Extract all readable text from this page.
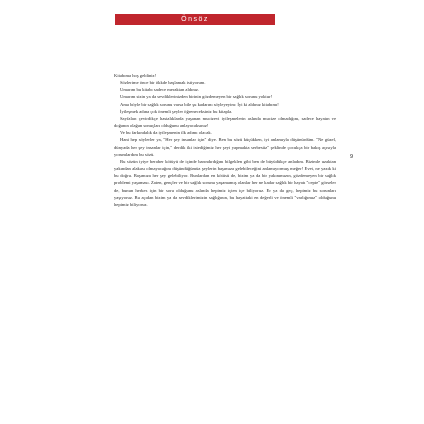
Önsöz
9

Kitabıma hoş geldiniz!

Sözlerime önce bir ökkde başlamak istiyorum.

Umarım bu kitabı sadece meraktan aldınız.

Umarım sizin ya da sevdiklerinizden birinin gözdemeyen bir sağlık sorunu yoktur!

Ama böyle bir sağlık sorunu varsa bile şu kadarını söyleyeyim: İyi ki aldınız kitabımı!

İyileşmek adına çok önemli şeyler öğreneceksiniz bu kitapla.

Sayfaları çevirdikçe hastalıklarda yaşanan mucizevi iyileşmelerin aslında mucize olmadığını, sadece hayatın ve doğanın olağan sonuçları olduğunu anlayacaksınız!

Ve bu farkındalık da iyileşmenin ilk adımı olacak.

Hani hep söylerler ya, "Her şey insanlar için" diye. Ben bu sözü küçükken, iyi anlamıyla düşünürdüm. "Ne güzel, dünyada her şey insanlar için," derdik iki istediğimiz her şeyi yapmakta serbestiz" şeklinde çocukça bir bakış açısıyla yorumlardım bu sözü.

Bu sözün iyiye beraber kötüyü de içinde barındırdığını bilgeklen gibi ben de büyüdükçe anladım. Bizimle uzaktan yakından alakası olmayacağını düşündüğümüz şeylerin başımıza gelebileceğini anlamıyormuş meğer! Evet, ne yazık ki bu doğru. Başımıza her şey gelebiliyor. Bunlardan en kötüsü de, bizim ya da bir yakınımızın, gözdemeyen bir sağlık problemi yaşaması. Zaten, gençler ve bir sağlık sorunu yaşamamış olanlar her ne kadar sağlık bir hayatı "cepte" görseler de, bunun herkes için bir soru olduğunu aslında hepimiz içten içe biliyoruz. Er ya da geç, hepimiz bu sorunları yaşıyoruz. Bu açıdan bizim ya da sevdiklerimizin sağlığının, bu hayattaki en değerli ve önemli "varlığımız" olduğunu hepimiz biliyoruz.
